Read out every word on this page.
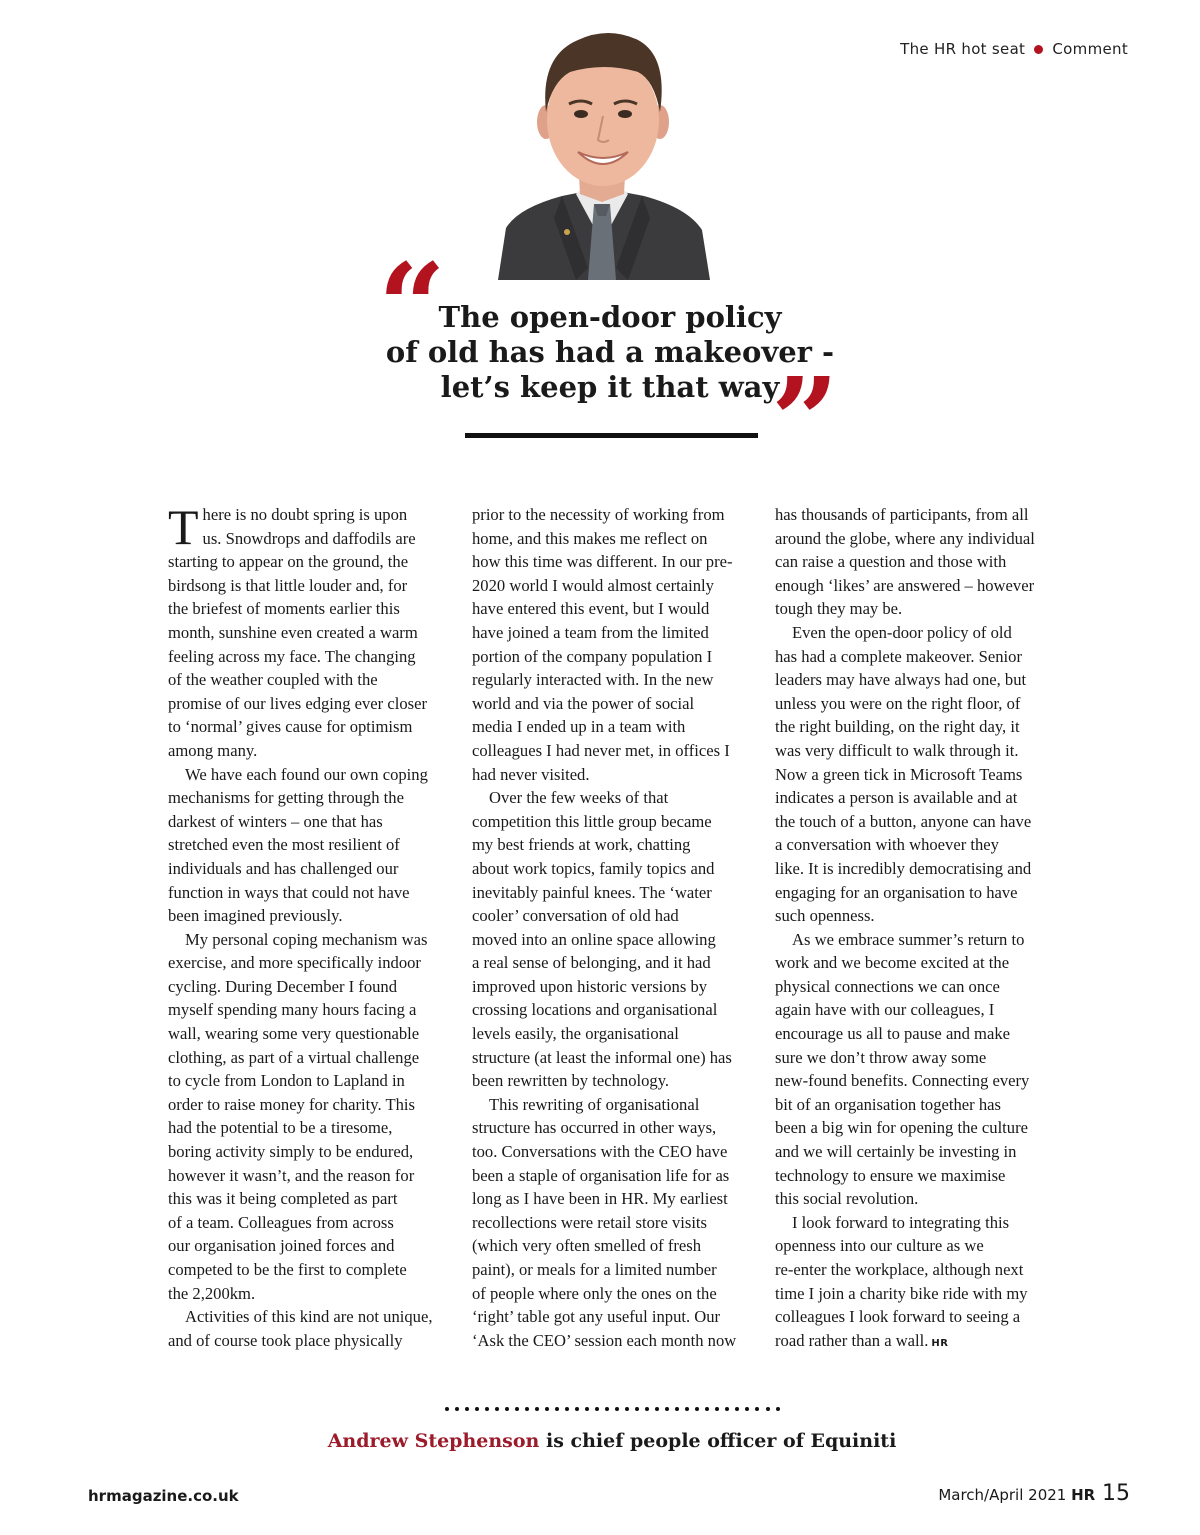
The HR hot seat Comment
“
The open-door policy
of old has had a makeover -
let’s keep it that way
”

There is no doubt spring is upon
us. Snowdrops and daffodils are
starting to appear on the ground, the
birdsong is that little louder and, for
the briefest of moments earlier this
month, sunshine even created a warm
feeling across my face. The changing
of the weather coupled with the
promise of our lives edging ever closer
to ‘normal’ gives cause for optimism
among many.

We have each found our own coping
mechanisms for getting through the
darkest of winters – one that has
stretched even the most resilient of
individuals and has challenged our
function in ways that could not have
been imagined previously.

My personal coping mechanism was
exercise, and more specifically indoor
cycling. During December I found
myself spending many hours facing a
wall, wearing some very questionable
clothing, as part of a virtual challenge
to cycle from London to Lapland in
order to raise money for charity. This
had the potential to be a tiresome,
boring activity simply to be endured,
however it wasn’t, and the reason for
this was it being completed as part
of a team. Colleagues from across
our organisation joined forces and
competed to be the first to complete
the 2,200km.

Activities of this kind are not unique,
and of course took place physically

prior to the necessity of working from
home, and this makes me reflect on
how this time was different. In our pre-
2020 world I would almost certainly
have entered this event, but I would
have joined a team from the limited
portion of the company population I
regularly interacted with. In the new
world and via the power of social
media I ended up in a team with
colleagues I had never met, in offices I
had never visited.

Over the few weeks of that
competition this little group became
my best friends at work, chatting
about work topics, family topics and
inevitably painful knees. The ‘water
cooler’ conversation of old had
moved into an online space allowing
a real sense of belonging, and it had
improved upon historic versions by
crossing locations and organisational
levels easily, the organisational
structure (at least the informal one) has
been rewritten by technology.

This rewriting of organisational
structure has occurred in other ways,
too. Conversations with the CEO have
been a staple of organisation life for as
long as I have been in HR. My earliest
recollections were retail store visits
(which very often smelled of fresh
paint), or meals for a limited number
of people where only the ones on the
‘right’ table got any useful input. Our
‘Ask the CEO’ session each month now

has thousands of participants, from all
around the globe, where any individual
can raise a question and those with
enough ‘likes’ are answered – however
tough they may be.

Even the open-door policy of old
has had a complete makeover. Senior
leaders may have always had one, but
unless you were on the right floor, of
the right building, on the right day, it
was very difficult to walk through it.
Now a green tick in Microsoft Teams
indicates a person is available and at
the touch of a button, anyone can have
a conversation with whoever they
like. It is incredibly democratising and
engaging for an organisation to have
such openness.

As we embrace summer’s return to
work and we become excited at the
physical connections we can once
again have with our colleagues, I
encourage us all to pause and make
sure we don’t throw away some
new-found benefits. Connecting every
bit of an organisation together has
been a big win for opening the culture
and we will certainly be investing in
technology to ensure we maximise
this social revolution.

I look forward to integrating this
openness into our culture as we
re-enter the workplace, although next
time I join a charity bike ride with my
colleagues I look forward to seeing a
road rather than a wall. HR

Andrew Stephenson is chief people officer of Equiniti
hrmagazine.co.uk	March/April 2021 HR 15
